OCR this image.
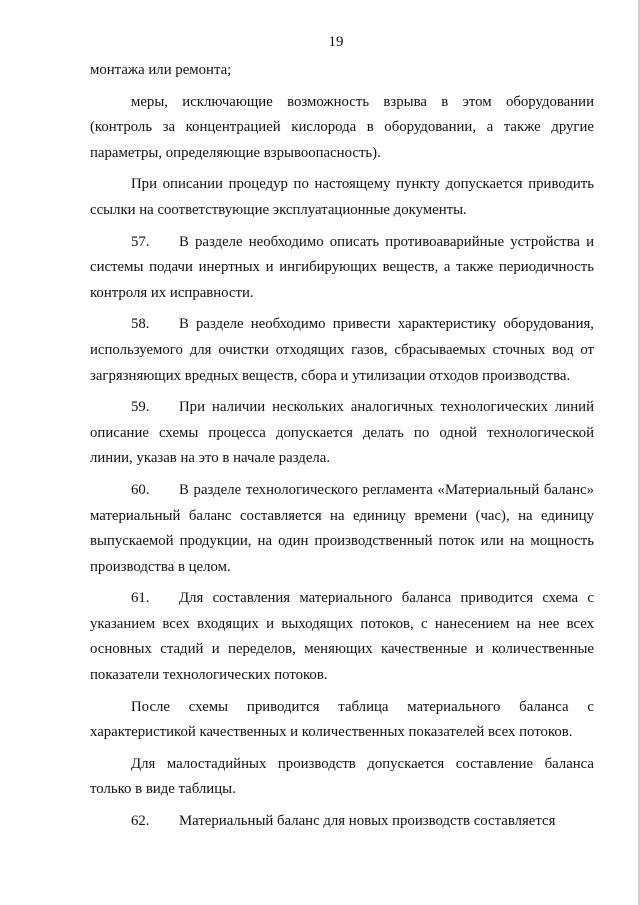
19

монтажа или ремонта;

меры, исключающие возможность взрыва в этом оборудовании (контроль за концентрацией кислорода в оборудовании, а также другие параметры, определяющие взрывоопасность).

При описании процедур по настоящему пункту допускается приводить ссылки на соответствующие эксплуатационные документы.

57. В разделе необходимо описать противоаварийные устройства и системы подачи инертных и ингибирующих веществ, а также периодичность контроля их исправности.

58. В разделе необходимо привести характеристику оборудования, используемого для очистки отходящих газов, сбрасываемых сточных вод от загрязняющих вредных веществ, сбора и утилизации отходов производства.

59. При наличии нескольких аналогичных технологических линий описание схемы процесса допускается делать по одной технологической линии, указав на это в начале раздела.

60. В разделе технологического регламента «Материальный баланс» материальный баланс составляется на единицу времени (час), на единицу выпускаемой продукции, на один производственный поток или на мощность производства в целом.

61. Для составления материального баланса приводится схема с указанием всех входящих и выходящих потоков, с нанесением на нее всех основных стадий и переделов, меняющих качественные и количественные показатели технологических потоков.

После схемы приводится таблица материального баланса с характеристикой качественных и количественных показателей всех потоков.

Для малостадийных производств допускается составление баланса только в виде таблицы.

62. Материальный баланс для новых производств составляется
